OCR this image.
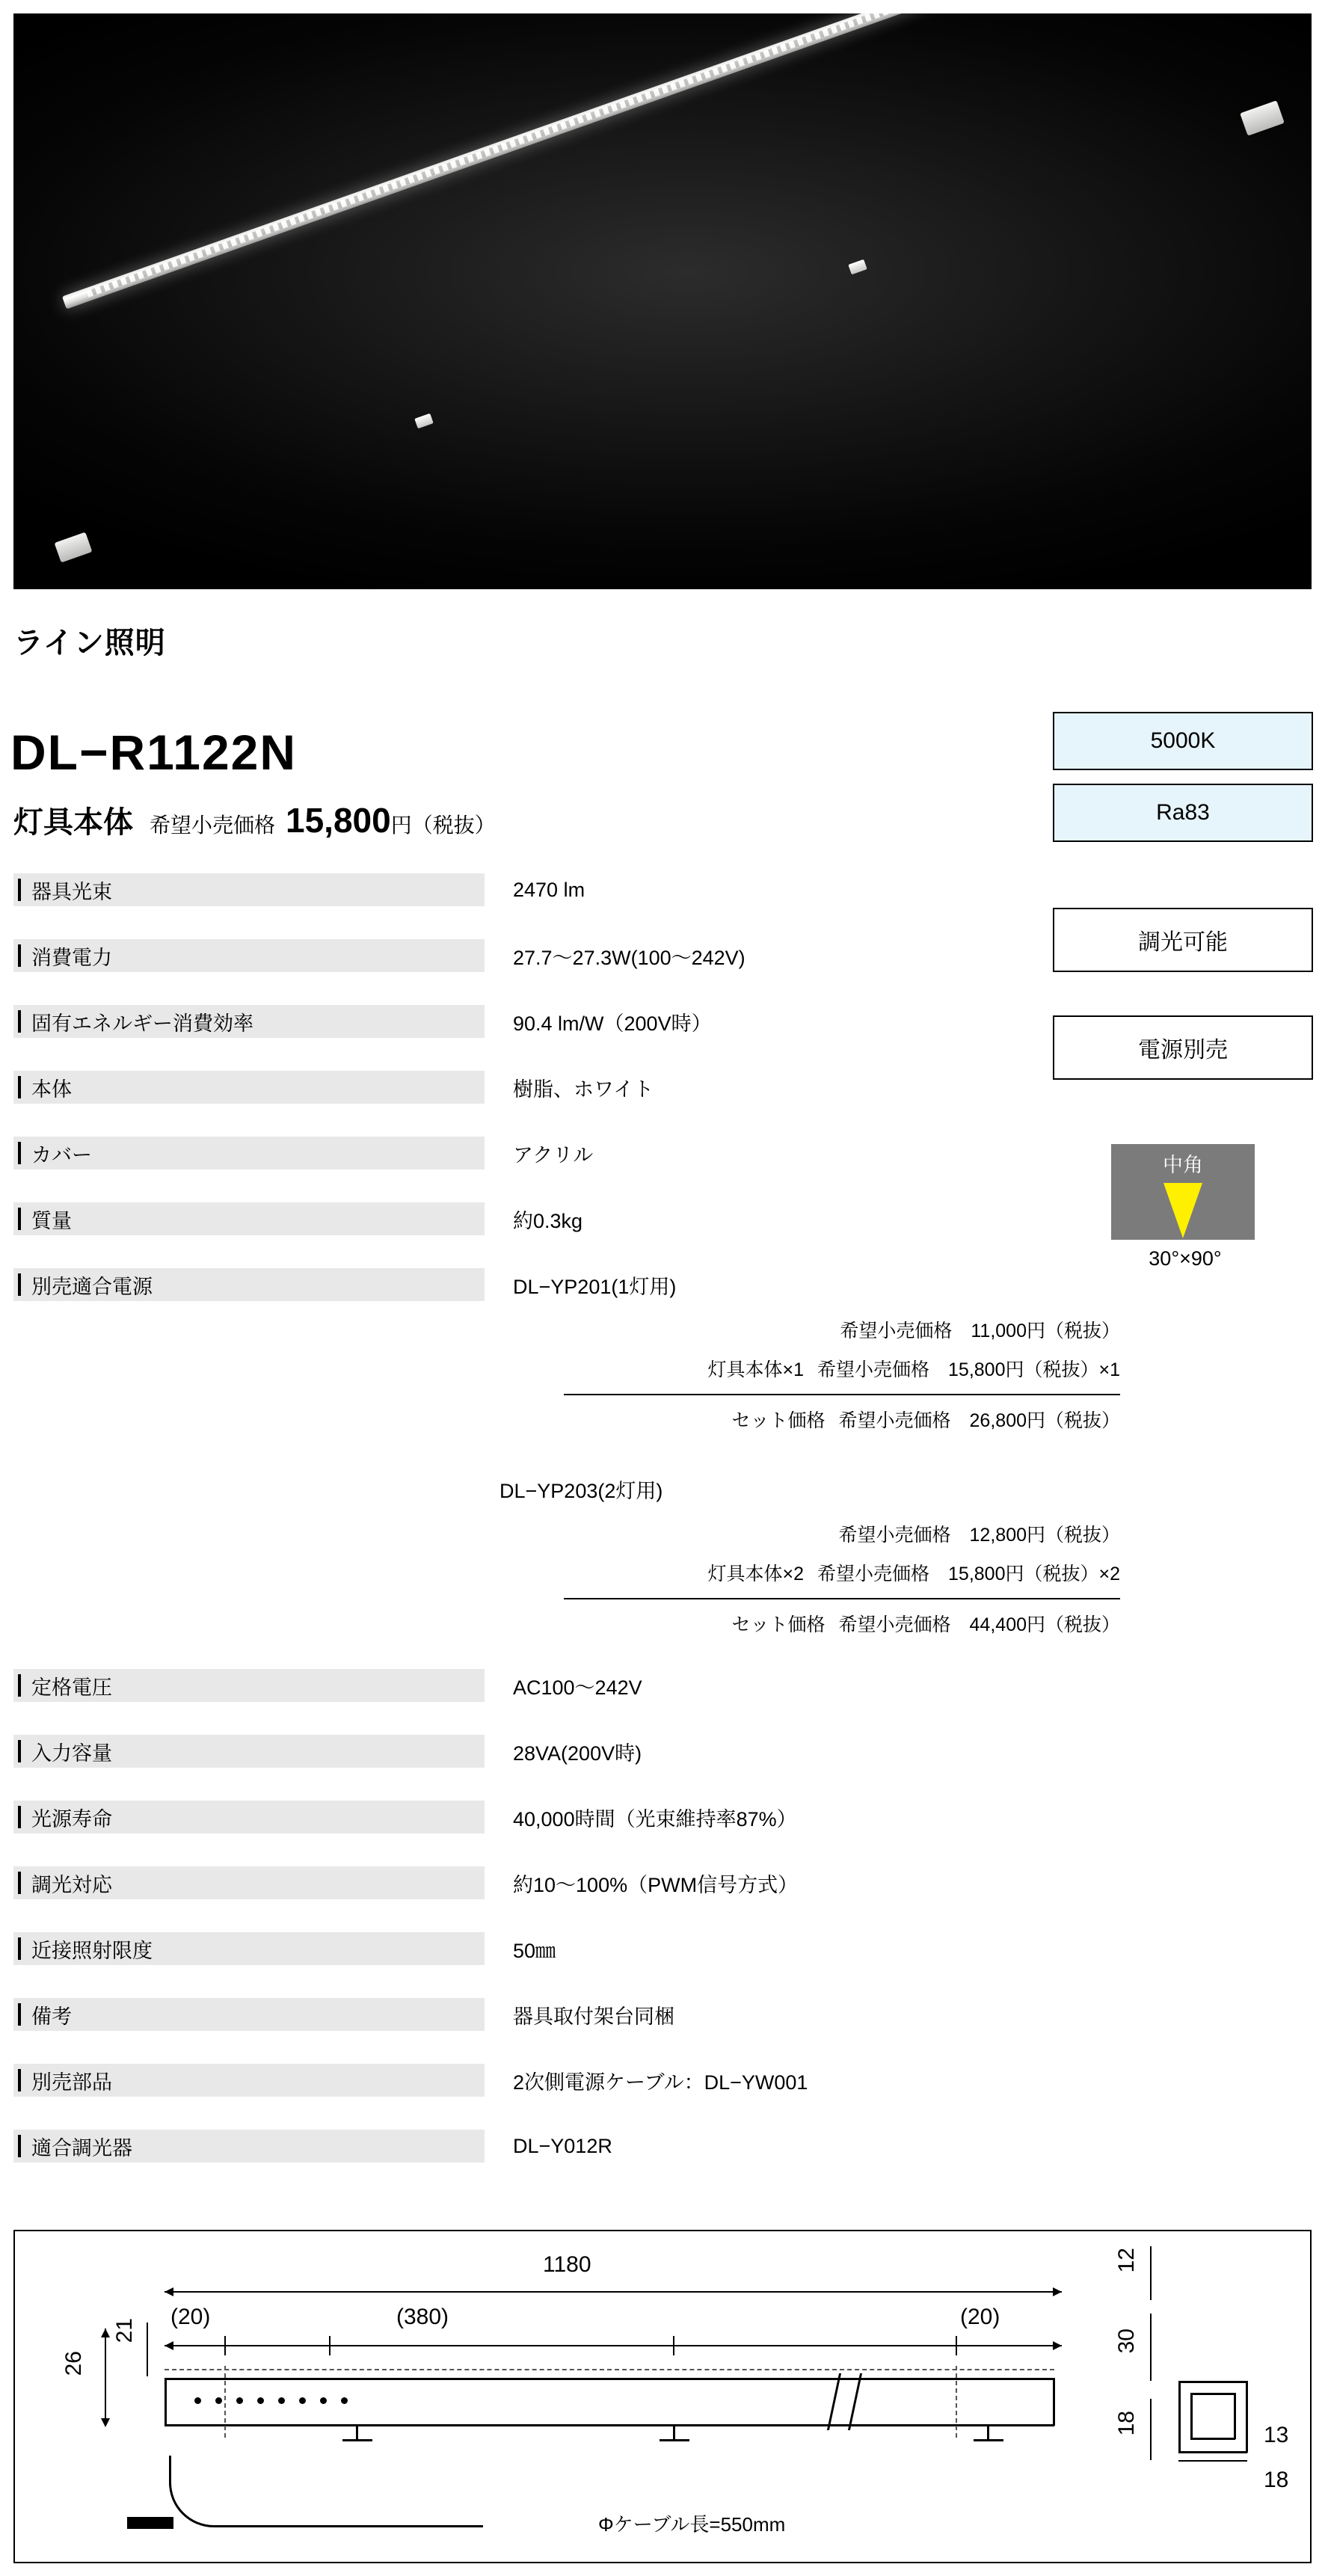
ライン照明
DL−R1122N
灯具本体 希望小売価格 15,800 円 （税抜）
5000K
Ra83
調光可能
電源別売
中角
30°×90°
器具光束	2470 lm
消費電力	27.7〜27.3W(100〜242V)
固有エネルギー消費効率	90.4 lm/W（200V時）
本体	樹脂、ホワイト
カバー	アクリル
質量	約0.3kg
別売適合電源	DL−YP201(1灯用)
希望小売価格　11,000円（税抜）
灯具本体×1 希望小売価格　15,800円（税抜）×1
セット価格 希望小売価格　26,800円（税抜）
DL−YP203(2灯用)
希望小売価格　12,800円（税抜）
灯具本体×2 希望小売価格　15,800円（税抜）×2
セット価格 希望小売価格　44,400円（税抜）
定格電圧	AC100〜242V
入力容量	28VA(200V時)
光源寿命	40,000時間（光束維持率87%）
調光対応	約10〜100%（PWM信号方式）
近接照射限度	50㎜
備考	器具取付架台同梱
別売部品	2次側電源ケーブル：DL−YW001
適合調光器	DL−Y012R
1180
(20)	(380)	(20)
21
26
Φケーブル長=550mm
12
30
18	13
18
